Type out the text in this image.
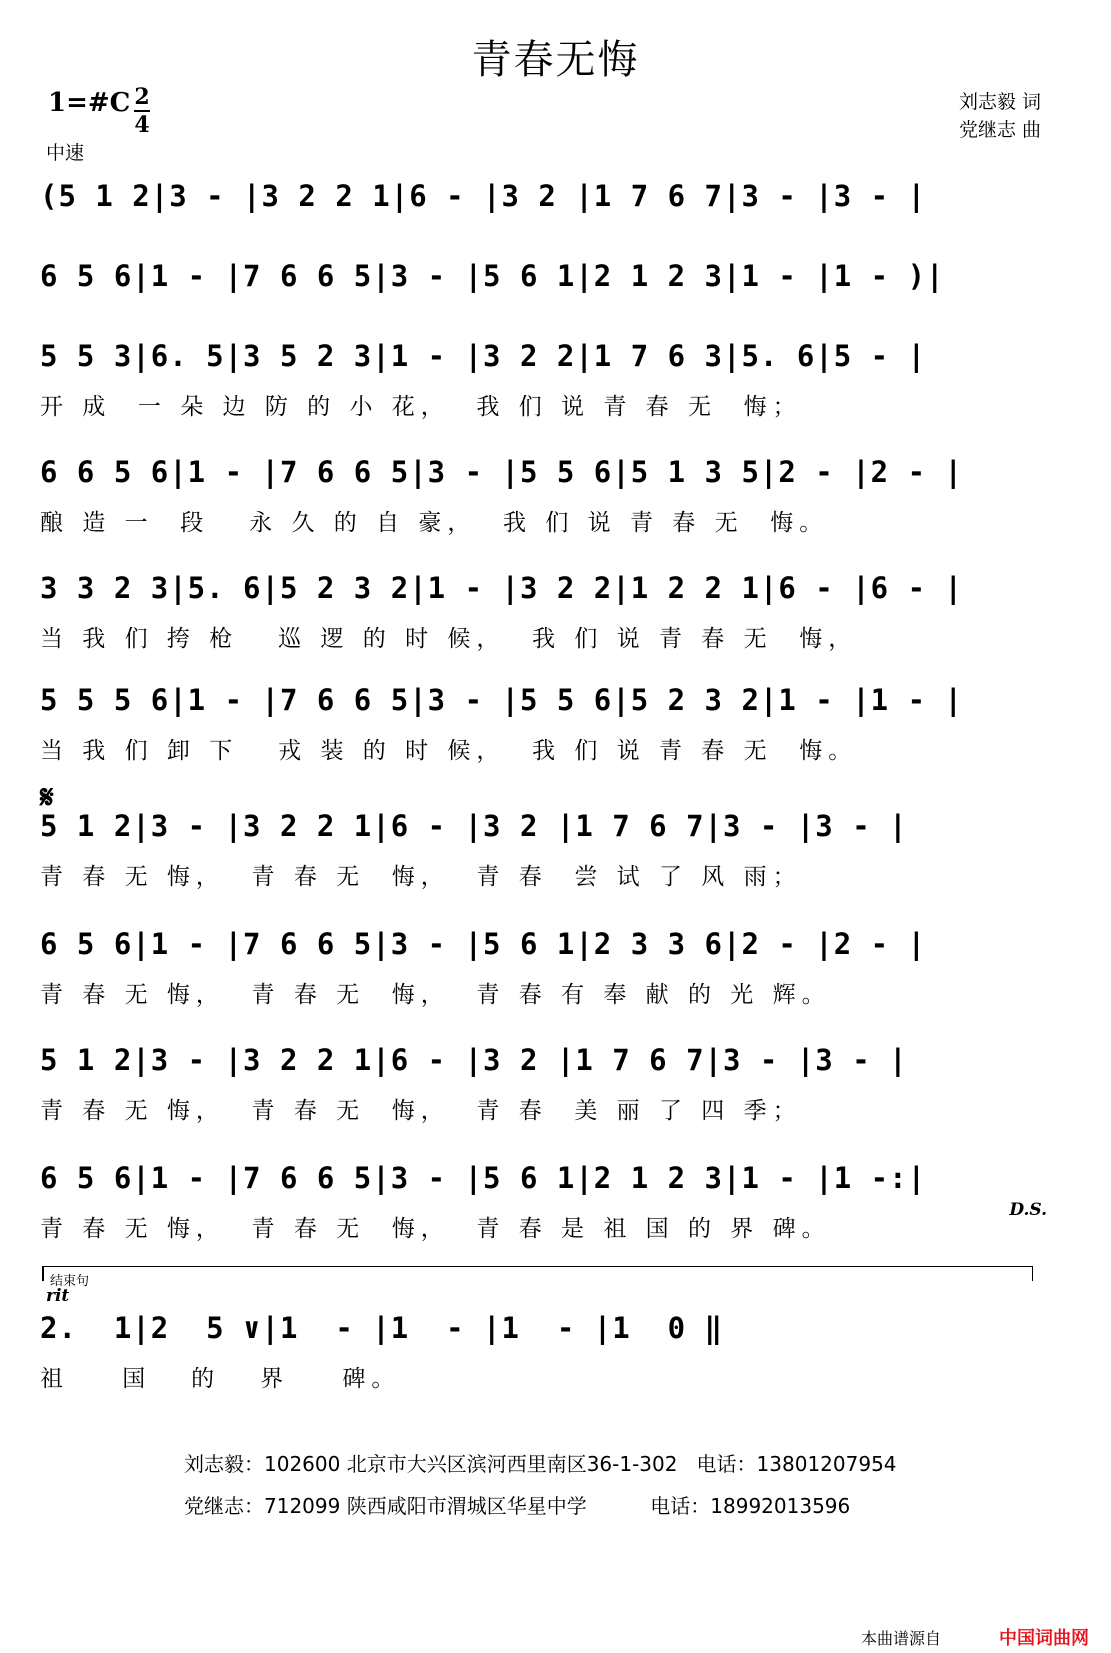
青春无悔
1=#C 2
4
中速
刘志毅 词
党继志 曲
(5 1 2|3 - |3 2 2 1|6 - |3 2 |1 7 6 7|3 - |3 - |
6 5 6|1 - |7 6 6 5|3 - |5 6 1|2 1 2 3|1 - |1 - )|
5 5 3|6. 5|3 5 2 3|1 - |3 2 2|1 7 6 3|5. 6|5 - |
开 成  一 朵 边 防 的 小 花，  我 们 说 青 春 无  悔；
6 6 5 6|1 - |7 6 6 5|3 - |5 5 6|5 1 3 5|2 - |2 - |
酿 造 一  段   永 久 的 自 豪，  我 们 说 青 春 无  悔。
3 3 2 3|5. 6|5 2 3 2|1 - |3 2 2|1 2 2 1|6 - |6 - |
当 我 们 挎 枪   巡 逻 的 时 候，  我 们 说 青 春 无  悔，
5 5 5 6|1 - |7 6 6 5|3 - |5 5 6|5 2 3 2|1 - |1 - |
当 我 们 卸 下   戎 装 的 时 候，  我 们 说 青 春 无  悔。
5 1 2|3 - |3 2 2 1|6 - |3 2 |1 7 6 7|3 - |3 - |
青 春 无 悔，  青 春 无  悔，  青 春  尝 试 了 风 雨；
6 5 6|1 - |7 6 6 5|3 - |5 6 1|2 3 3 6|2 - |2 - |
青 春 无 悔，  青 春 无  悔，  青 春 有 奉 献 的 光 辉。
5 1 2|3 - |3 2 2 1|6 - |3 2 |1 7 6 7|3 - |3 - |
青 春 无 悔，  青 春 无  悔，  青 春  美 丽 了 四 季；
6 5 6|1 - |7 6 6 5|3 - |5 6 1|2 1 2 3|1 - |1 -:|
青 春 无 悔，  青 春 无  悔，  青 春 是 祖 国 的 界 碑。
𝄋
D.S.
结束句
rit
2.  1|2  5 ∨|1  - |1  - |1  - |1  0 ‖
祖    国   的   界    碑。
刘志毅：102600 北京市大兴区滨河西里南区36-1-302   电话：13801207954
党继志：712099 陕西咸阳市渭城区华星中学          电话：18992013596
本曲谱源自	中国词曲网
